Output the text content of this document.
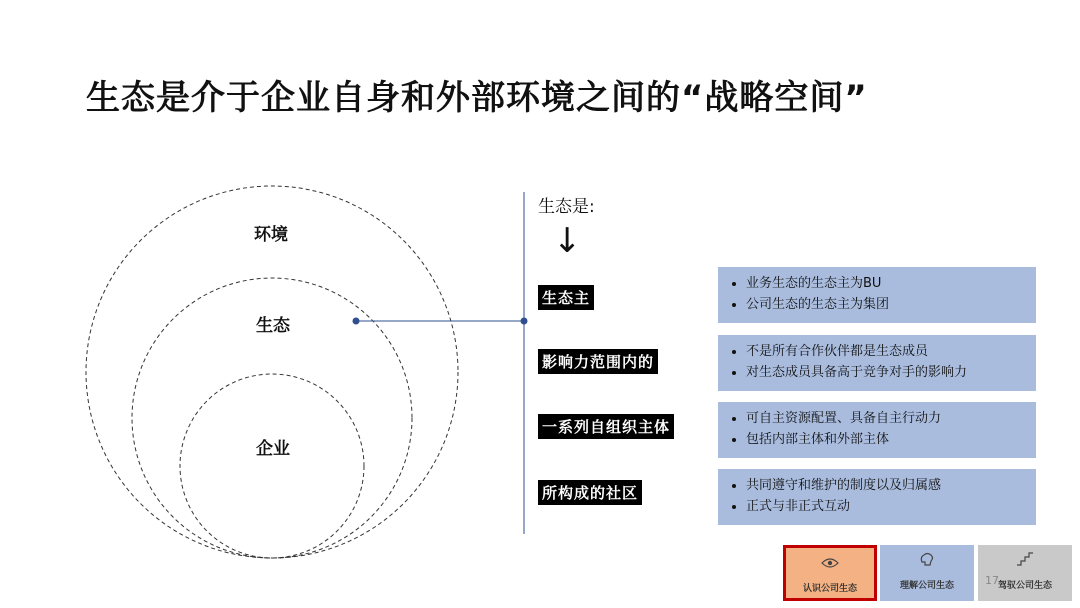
生态是介于企业自身和外部环境之间的“战略空间”
环境
生态
企业
生态是:
↓
生态主
• 业务生态的生态主为BU
• 公司生态的生态主为集团
影响力范围内的
• 不是所有合作伙伴都是生态成员
• 对生态成员具备高于竞争对手的影响力
一系列自组织主体	• 可自主资源配置、具备自主行动力
• 包括内部主体和外部主体
所构成的社区	• 共同遵守和维护的制度以及归属感
• 正式与非正式互动
认识公司生态	理解公司生态	驾驭公司生态
17
